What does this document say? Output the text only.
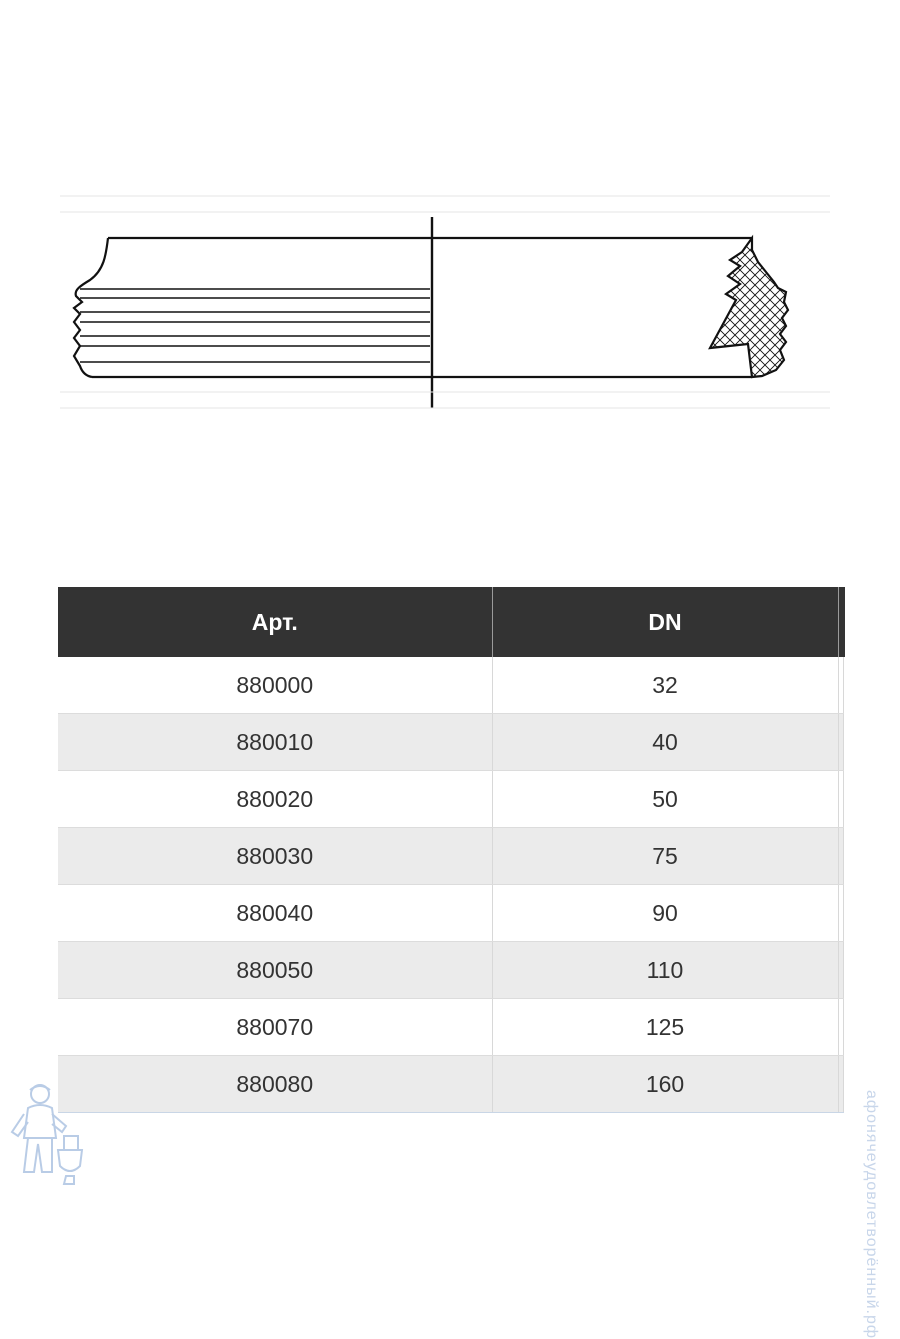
Арт.	DN	
880000	32	
880010	40	
880020	50	
880030	75	
880040	90	
880050	110	
880070	125	
880080	160	
афонячеудовлетворённый.рф
